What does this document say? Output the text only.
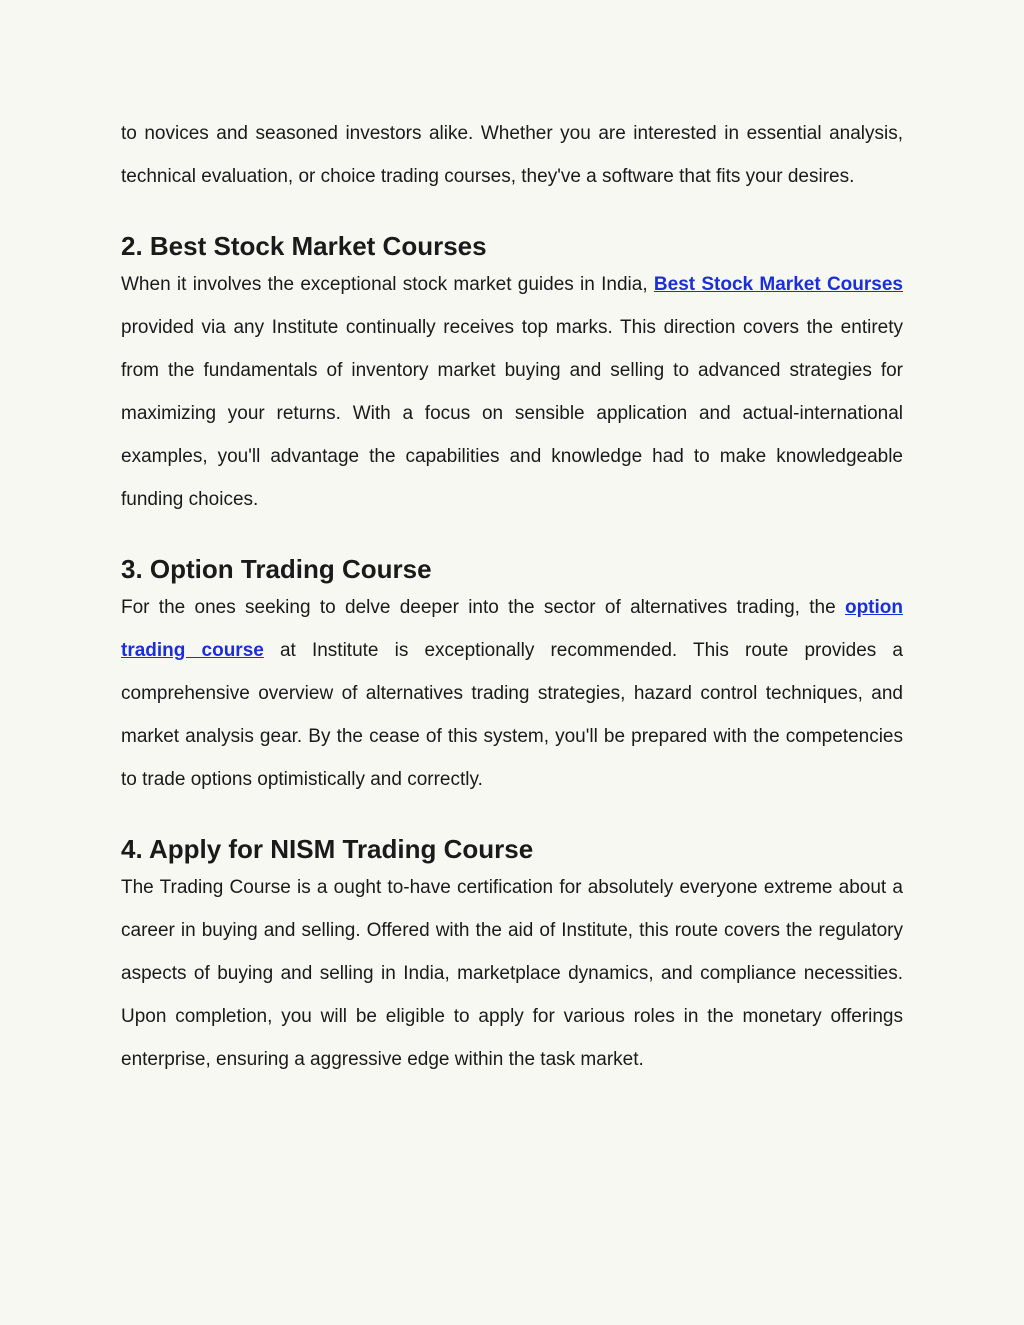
to novices and seasoned investors alike. Whether you are interested in essential analysis, technical evaluation, or choice trading courses, they've a software that fits your desires.

2. Best Stock Market Courses

When it involves the exceptional stock market guides in India, Best Stock Market Courses provided via any Institute continually receives top marks. This direction covers the entirety from the fundamentals of inventory market buying and selling to advanced strategies for maximizing your returns. With a focus on sensible application and actual-international examples, you'll advantage the capabilities and knowledge had to make knowledgeable funding choices.

3. Option Trading Course

For the ones seeking to delve deeper into the sector of alternatives trading, the option trading course at Institute is exceptionally recommended. This route provides a comprehensive overview of alternatives trading strategies, hazard control techniques, and market analysis gear. By the cease of this system, you'll be prepared with the competencies to trade options optimistically and correctly.

4. Apply for NISM Trading Course

The Trading Course is a ought to-have certification for absolutely everyone extreme about a career in buying and selling. Offered with the aid of Institute, this route covers the regulatory aspects of buying and selling in India, marketplace dynamics, and compliance necessities. Upon completion, you will be eligible to apply for various roles in the monetary offerings enterprise, ensuring a aggressive edge within the task market.
